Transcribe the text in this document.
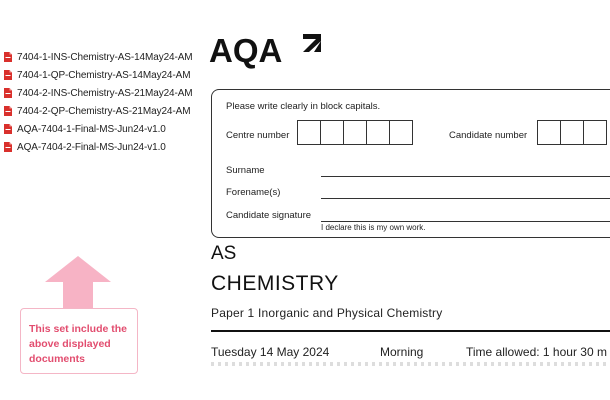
7404-1-INS-Chemistry-AS-14May24-AM
7404-1-QP-Chemistry-AS-14May24-AM
7404-2-INS-Chemistry-AS-21May24-AM
7404-2-QP-Chemistry-AS-21May24-AM
AQA-7404-1-Final-MS-Jun24-v1.0
AQA-7404-2-Final-MS-Jun24-v1.0
This set include the
above displayed
documents
AQA
Please write clearly in block capitals.
Centre number	Candidate number
Surname
Forename(s)
Candidate signature
I declare this is my own work.
AS
CHEMISTRY
Paper 1 Inorganic and Physical Chemistry
Tuesday 14 May 2024	Morning	Time allowed: 1 hour 30 m
